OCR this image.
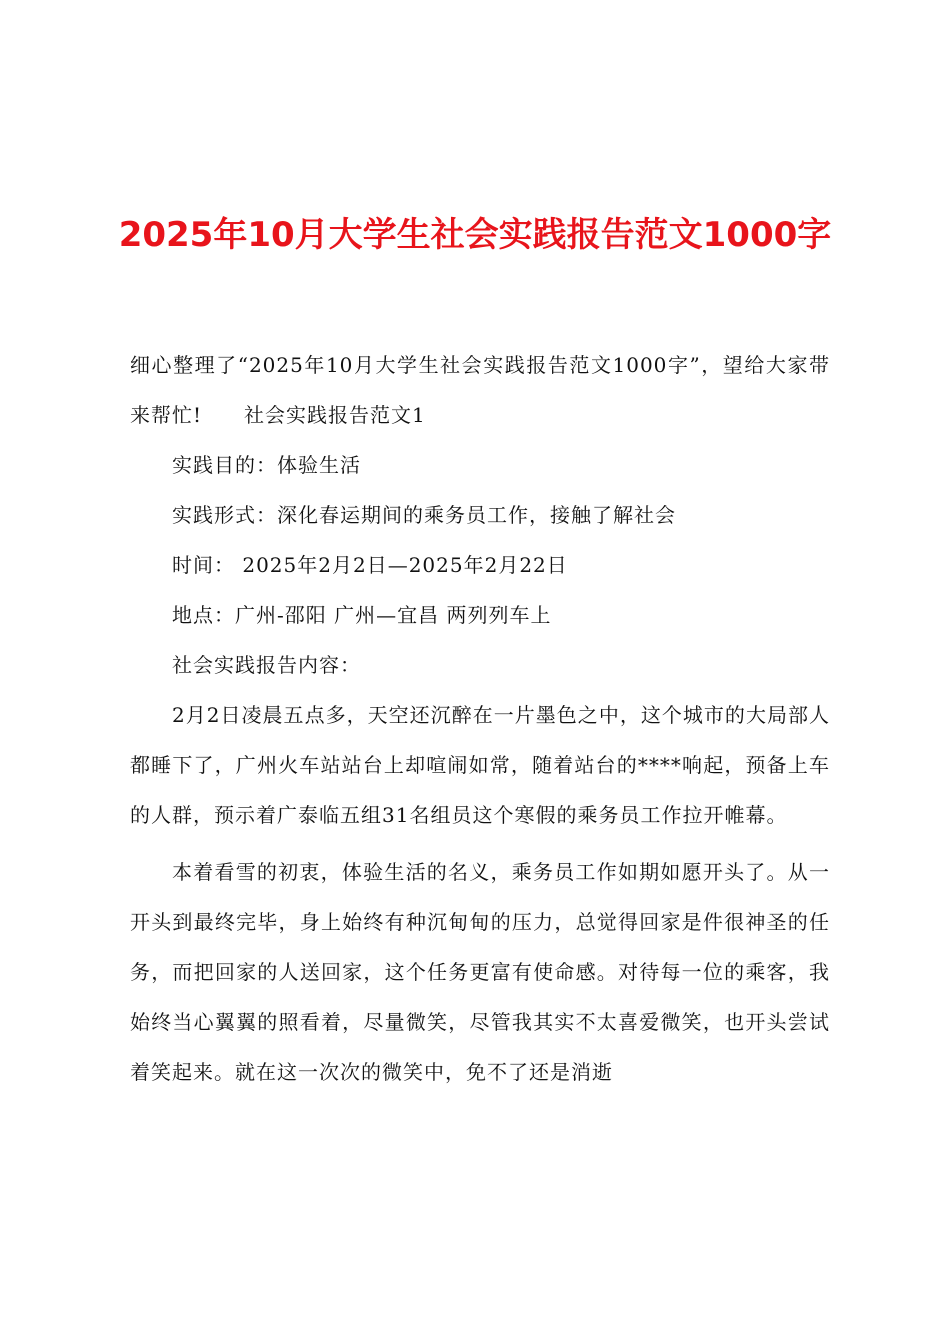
2025年10月大学生社会实践报告范文1000字

细心整理了“2025年10月大学生社会实践报告范文1000字”，望给大家带来帮忙!　　社会实践报告范文1

实践目的：体验生活

实践形式：深化春运期间的乘务员工作，接触了解社会

时间： 2025年2月2日—2025年2月22日

地点：广州-邵阳 广州—宜昌 两列列车上

社会实践报告内容：

2月2日凌晨五点多，天空还沉醉在一片墨色之中，这个城市的大局部人都睡下了，广州火车站站台上却喧闹如常，随着站台的****响起，预备上车的人群，预示着广泰临五组31名组员这个寒假的乘务员工作拉开帷幕。

本着看雪的初衷，体验生活的名义，乘务员工作如期如愿开头了。从一开头到最终完毕，身上始终有种沉甸甸的压力，总觉得回家是件很神圣的任务，而把回家的人送回家，这个任务更富有使命感。对待每一位的乘客，我始终当心翼翼的照看着，尽量微笑，尽管我其实不太喜爱微笑，也开头尝试着笑起来。就在这一次次的微笑中，免不了还是消逝
